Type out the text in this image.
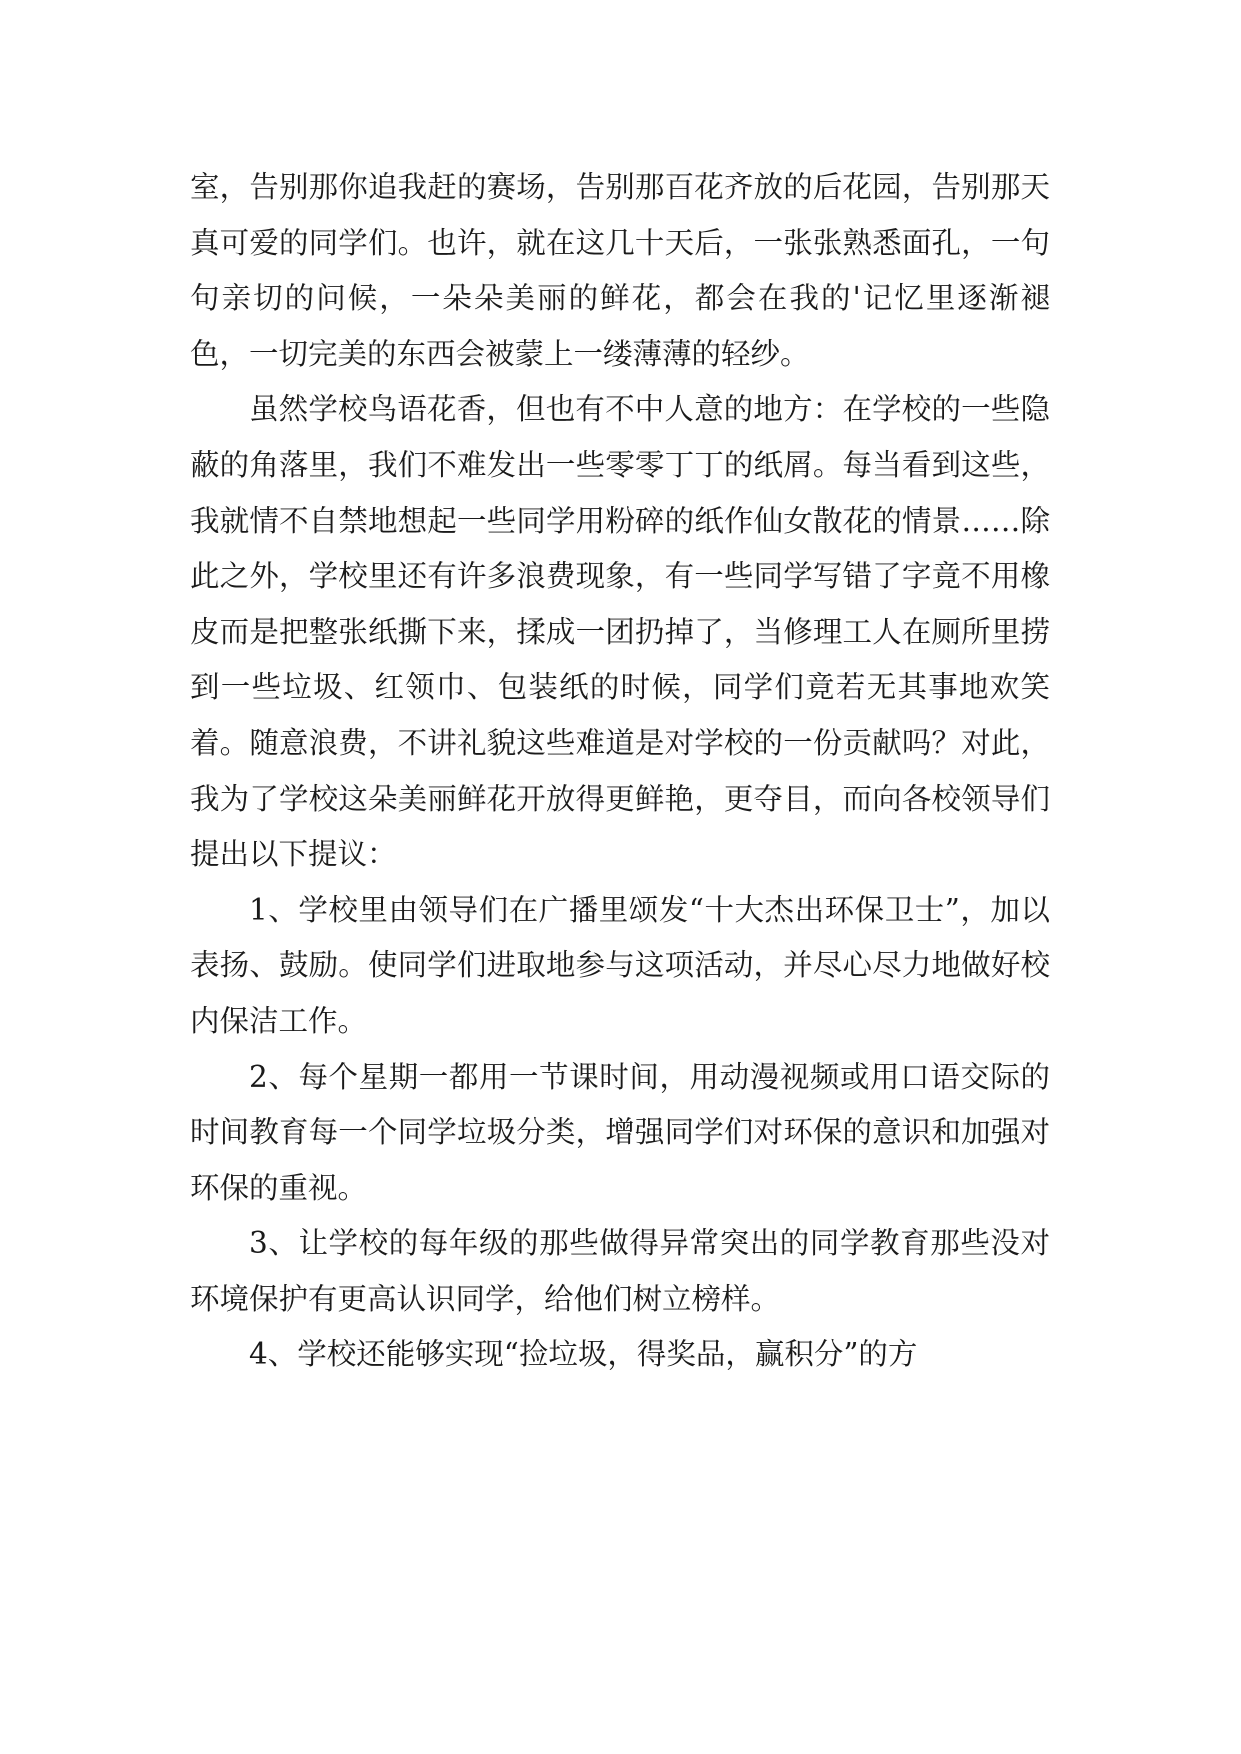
室，告别那你追我赶的赛场，告别那百花齐放的后花园，告别那天真可爱的同学们。也许，就在这几十天后，一张张熟悉面孔，一句句亲切的问候，一朵朵美丽的鲜花，都会在我的'记忆里逐渐褪色，一切完美的东西会被蒙上一缕薄薄的轻纱。

虽然学校鸟语花香，但也有不中人意的地方：在学校的一些隐蔽的角落里，我们不难发出一些零零丁丁的纸屑。每当看到这些，我就情不自禁地想起一些同学用粉碎的纸作仙女散花的情景……除此之外，学校里还有许多浪费现象，有一些同学写错了字竟不用橡皮而是把整张纸撕下来，揉成一团扔掉了，当修理工人在厕所里捞到一些垃圾、红领巾、包装纸的时候，同学们竟若无其事地欢笑着。随意浪费，不讲礼貌这些难道是对学校的一份贡献吗？对此，我为了学校这朵美丽鲜花开放得更鲜艳，更夺目，而向各校领导们提出以下提议：

1、学校里由领导们在广播里颂发“十大杰出环保卫士”，加以表扬、鼓励。使同学们进取地参与这项活动，并尽心尽力地做好校内保洁工作。

2、每个星期一都用一节课时间，用动漫视频或用口语交际的时间教育每一个同学垃圾分类，增强同学们对环保的意识和加强对环保的重视。

3、让学校的每年级的那些做得异常突出的同学教育那些没对环境保护有更高认识同学，给他们树立榜样。

4、学校还能够实现“捡垃圾，得奖品，赢积分”的方
